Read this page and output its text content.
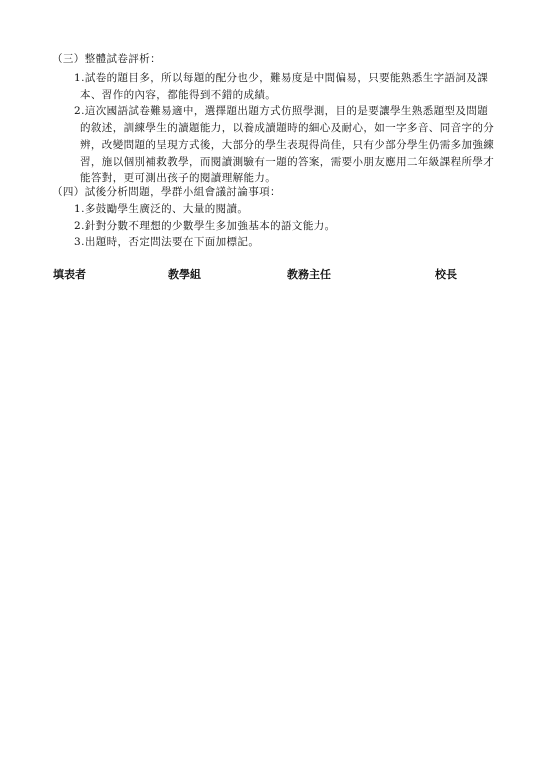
（三）整體試卷評析：
1.試卷的題目多，所以每題的配分也少，難易度是中間偏易，只要能熟悉生字語詞及課
本、習作的內容，都能得到不錯的成績。
2.這次國語試卷難易適中，選擇題出題方式仿照學測，目的是要讓學生熟悉題型及問題
的敘述，訓練學生的讀題能力，以養成讀題時的細心及耐心，如一字多音、同音字的分
辨，改變問題的呈現方式後，大部分的學生表現得尚佳，只有少部分學生仍需多加強練
習，施以個別補救教學，而閱讀測驗有一題的答案，需要小朋友應用二年級課程所學才
能答對，更可測出孩子的閱讀理解能力。
（四）試後分析問題，學群小組會議討論事項：
1.多鼓勵學生廣泛的、大量的閱讀。
2.針對分數不理想的少數學生多加強基本的語文能力。
3.出題時，否定問法要在下面加標記。
填表者	教學組	教務主任	校長
